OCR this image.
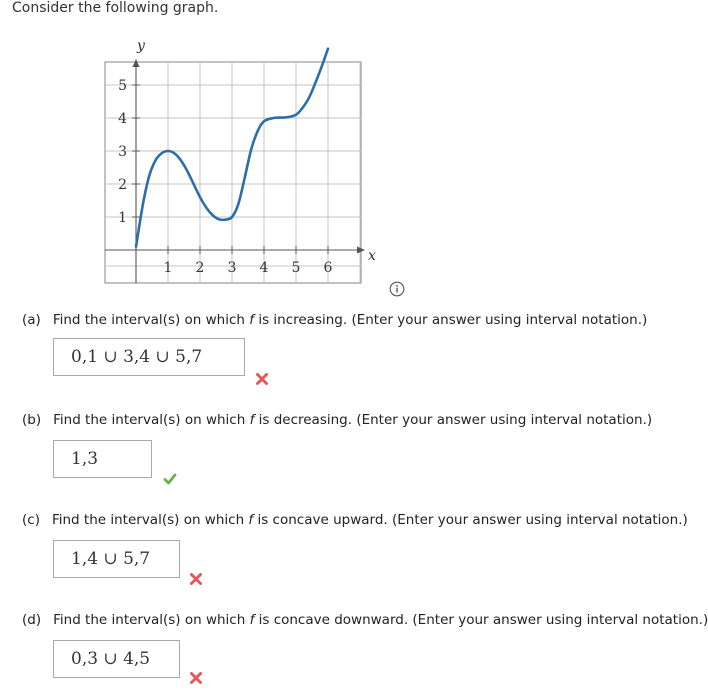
Consider the following graph.
y
x
1 2 3 4 5 6
1
2
3
4
5
(a) Find the interval(s) on which f is increasing. (Enter your answer using interval notation.)
0,1 ∪ 3,4 ∪ 5,7
(b) Find the interval(s) on which f is decreasing. (Enter your answer using interval notation.)
1,3
(c) Find the interval(s) on which f is concave upward. (Enter your answer using interval notation.)
1,4 ∪ 5,7
(d) Find the interval(s) on which f is concave downward. (Enter your answer using interval notation.)
0,3 ∪ 4,5
